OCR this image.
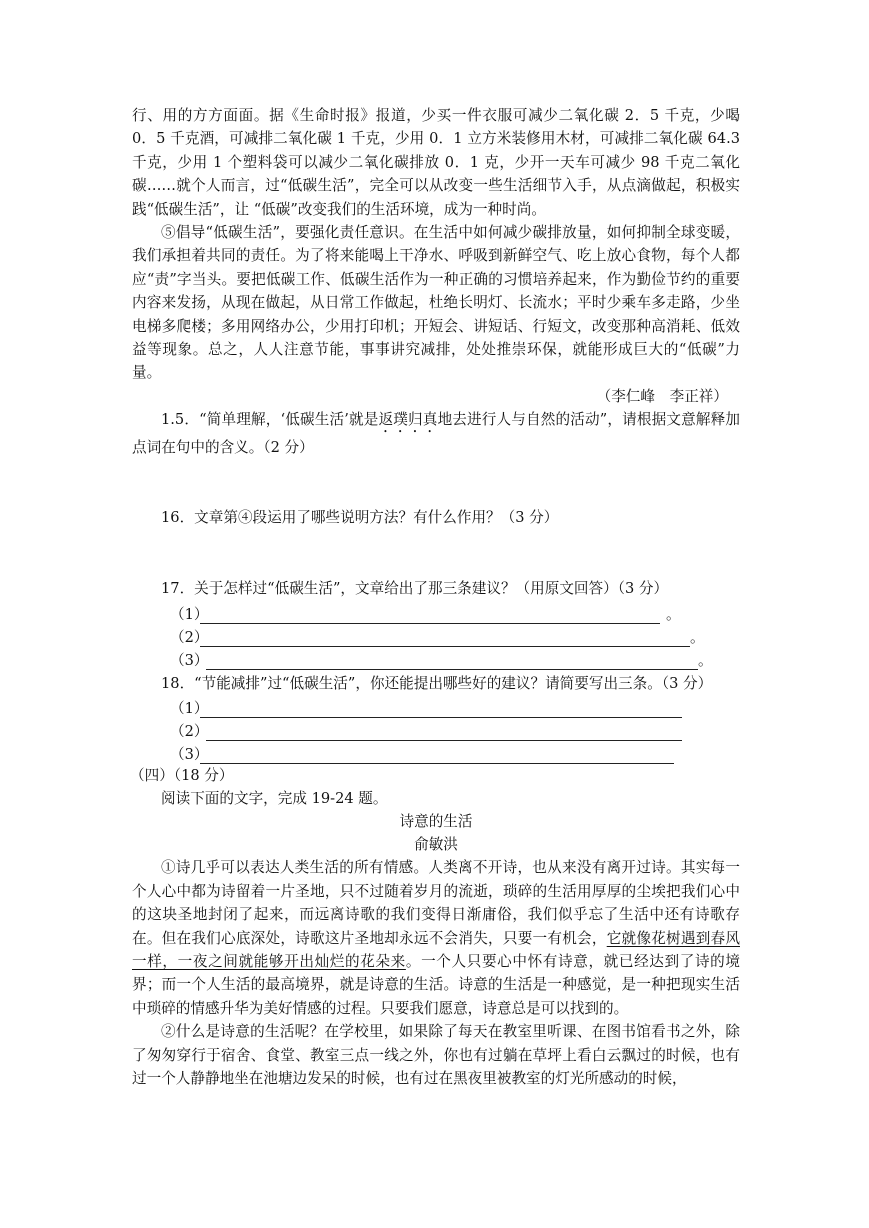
行、用的方方面面。据《生命时报》报道，少买一件衣服可减少二氧化碳 2．5 千克，少喝 0．5 千克酒，可减排二氧化碳 1 千克，少用 0．1 立方米装修用木材，可减排二氧化碳 64.3 千克，少用 1 个塑料袋可以减少二氧化碳排放 0．1 克，少开一天车可减少 98 千克二氧化碳……就个人而言，过“低碳生活”，完全可以从改变一些生活细节入手，从点滴做起，积极实践“低碳生活”，让 “低碳”改变我们的生活环境，成为一种时尚。

⑤倡导“低碳生活”，要强化责任意识。在生活中如何减少碳排放量，如何抑制全球变暖，我们承担着共同的责任。为了将来能喝上干净水、呼吸到新鲜空气、吃上放心食物，每个人都应“责”字当头。要把低碳工作、低碳生活作为一种正确的习惯培养起来，作为勤俭节约的重要内容来发扬，从现在做起，从日常工作做起，杜绝长明灯、长流水；平时少乘车多走路，少坐电梯多爬楼；多用网络办公，少用打印机；开短会、讲短话、行短文，改变那种高消耗、低效益等现象。总之，人人注意节能，事事讲究减排，处处推崇环保，就能形成巨大的“低碳”力量。

（李仁峰　李正祥）

1.5．“简单理解，‘低碳生活’就是返璞归真地去进行人与自然的活动”，请根据文意解释加点词在句中的含义。（2 分）

16．文章第④段运用了哪些说明方法？有什么作用？（3 分）

17．关于怎样过“低碳生活”，文章给出了那三条建议？（用原文回答）（3 分）

（1）	。
（2）	。
（3）	。

18．“节能减排”过“低碳生活”，你还能提出哪些好的建议？请简要写出三条。（3 分）

（1）
（2）
（3）

（四）（18 分）

阅读下面的文字，完成 19-24 题。

诗意的生活

俞敏洪

①诗几乎可以表达人类生活的所有情感。人类离不开诗，也从来没有离开过诗。其实每一个人心中都为诗留着一片圣地，只不过随着岁月的流逝，琐碎的生活用厚厚的尘埃把我们心中的这块圣地封闭了起来，而远离诗歌的我们变得日渐庸俗，我们似乎忘了生活中还有诗歌存在。但在我们心底深处，诗歌这片圣地却永远不会消失，只要一有机会，它就像花树遇到春风一样，一夜之间就能够开出灿烂的花朵来。一个人只要心中怀有诗意，就已经达到了诗的境界；而一个人生活的最高境界，就是诗意的生活。诗意的生活是一种感觉，是一种把现实生活中琐碎的情感升华为美好情感的过程。只要我们愿意，诗意总是可以找到的。

②什么是诗意的生活呢？在学校里，如果除了每天在教室里听课、在图书馆看书之外，除了匆匆穿行于宿舍、食堂、教室三点一线之外，你也有过躺在草坪上看白云飘过的时候，也有过一个人静静地坐在池塘边发呆的时候，也有过在黑夜里被教室的灯光所感动的时候，
